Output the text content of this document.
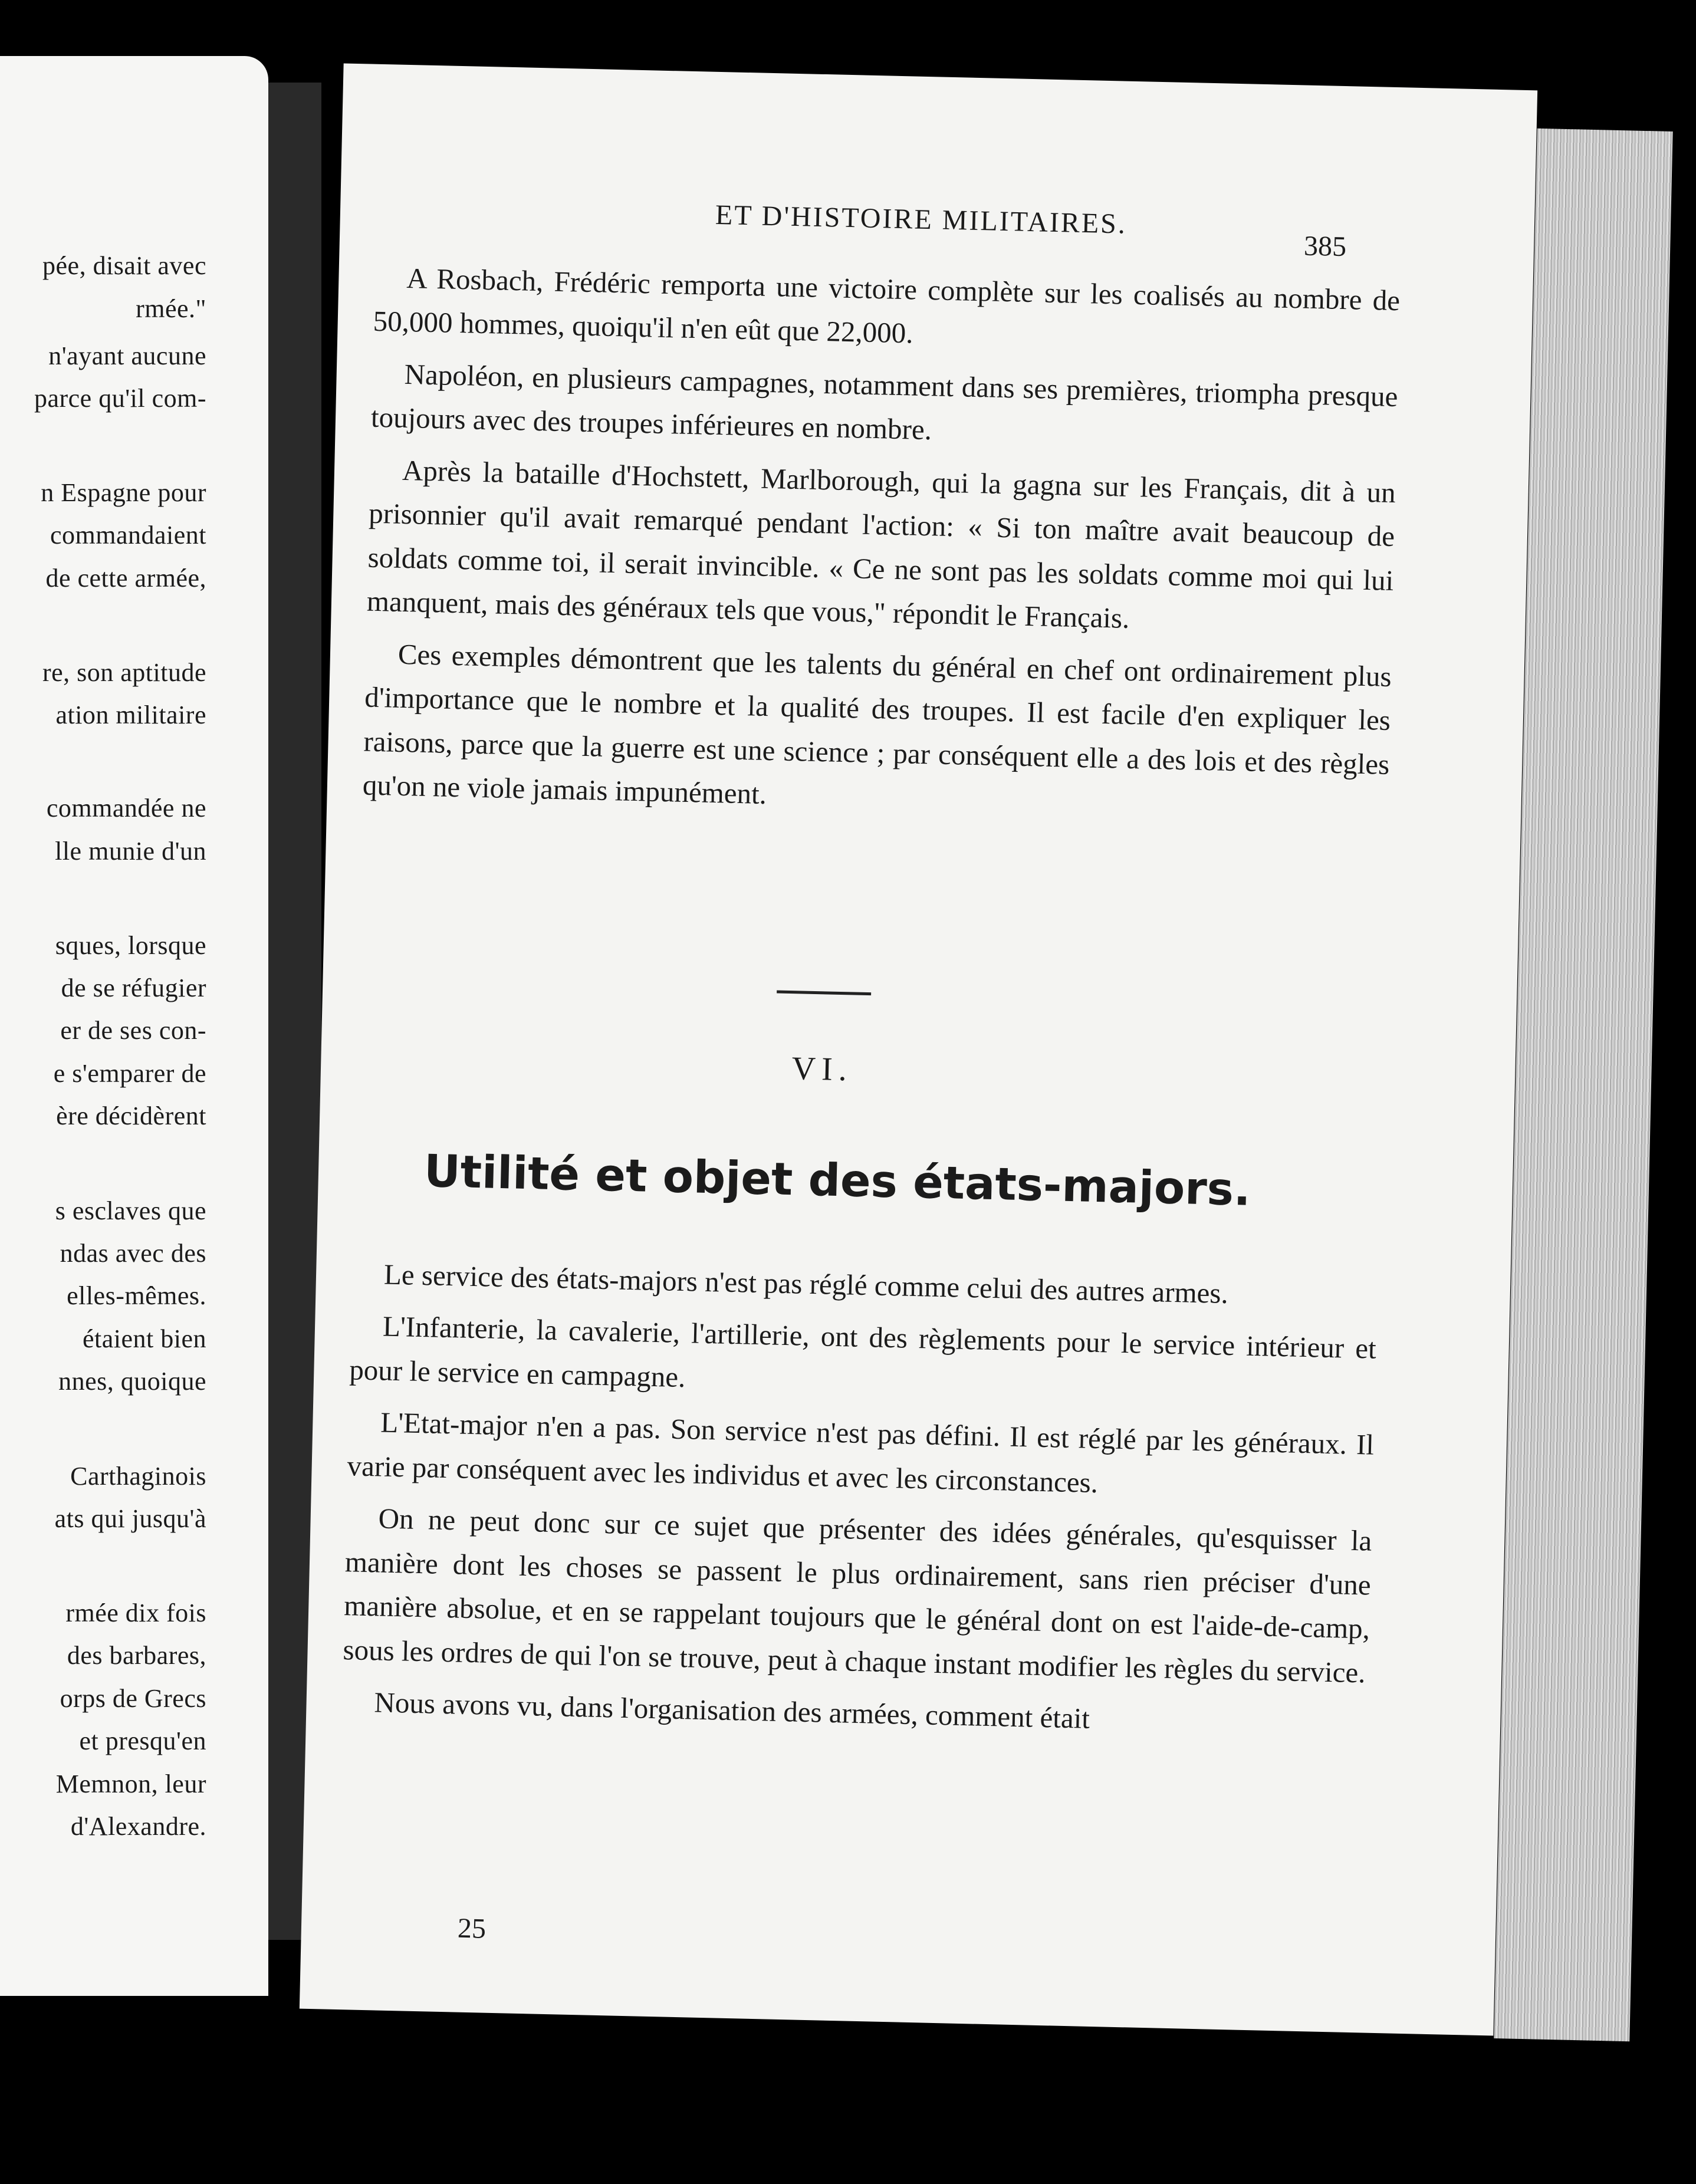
pée, disait avec
rmée."
n'ayant aucune
parce qu'il com-
n Espagne pour
commandaient
de cette armée,
re, son aptitude
ation militaire
commandée ne
lle munie d'un
sques, lorsque
de se réfugier
er de ses con-
e s'emparer de
ère décidèrent
s esclaves que
ndas avec des
elles-mêmes.
étaient bien
nnes, quoique
Carthaginois
ats qui jusqu'à
rmée dix fois
des barbares,
orps de Grecs
et presqu'en
Memnon, leur
d'Alexandre.
ET D'HISTOIRE MILITAIRES.
385

A Rosbach, Frédéric remporta une victoire complète sur les coalisés au nombre de 50,000 hommes, quoiqu'il n'en eût que 22,000.

Napoléon, en plusieurs campagnes, notamment dans ses premières, triompha presque toujours avec des troupes inférieures en nombre.

Après la bataille d'Hochstett, Marlborough, qui la gagna sur les Français, dit à un prisonnier qu'il avait remarqué pendant l'action: « Si ton maître avait beaucoup de soldats comme toi, il serait invincible. « Ce ne sont pas les soldats comme moi qui lui manquent, mais des généraux tels que vous," répondit le Français.

Ces exemples démontrent que les talents du général en chef ont ordinairement plus d'importance que le nombre et la qualité des troupes. Il est facile d'en expliquer les raisons, parce que la guerre est une science ; par conséquent elle a des lois et des règles qu'on ne viole jamais impunément.

VI.
Utilité et objet des états-majors.

Le service des états-majors n'est pas réglé comme celui des autres armes.

L'Infanterie, la cavalerie, l'artillerie, ont des règlements pour le service intérieur et pour le service en campagne.

L'Etat-major n'en a pas. Son service n'est pas défini. Il est réglé par les généraux. Il varie par conséquent avec les individus et avec les circonstances.

On ne peut donc sur ce sujet que présenter des idées générales, qu'esquisser la manière dont les choses se passent le plus ordinairement, sans rien préciser d'une manière absolue, et en se rappelant toujours que le général dont on est l'aide-de-camp, sous les ordres de qui l'on se trouve, peut à chaque instant modifier les règles du service.

Nous avons vu, dans l'organisation des armées, comment était

25
